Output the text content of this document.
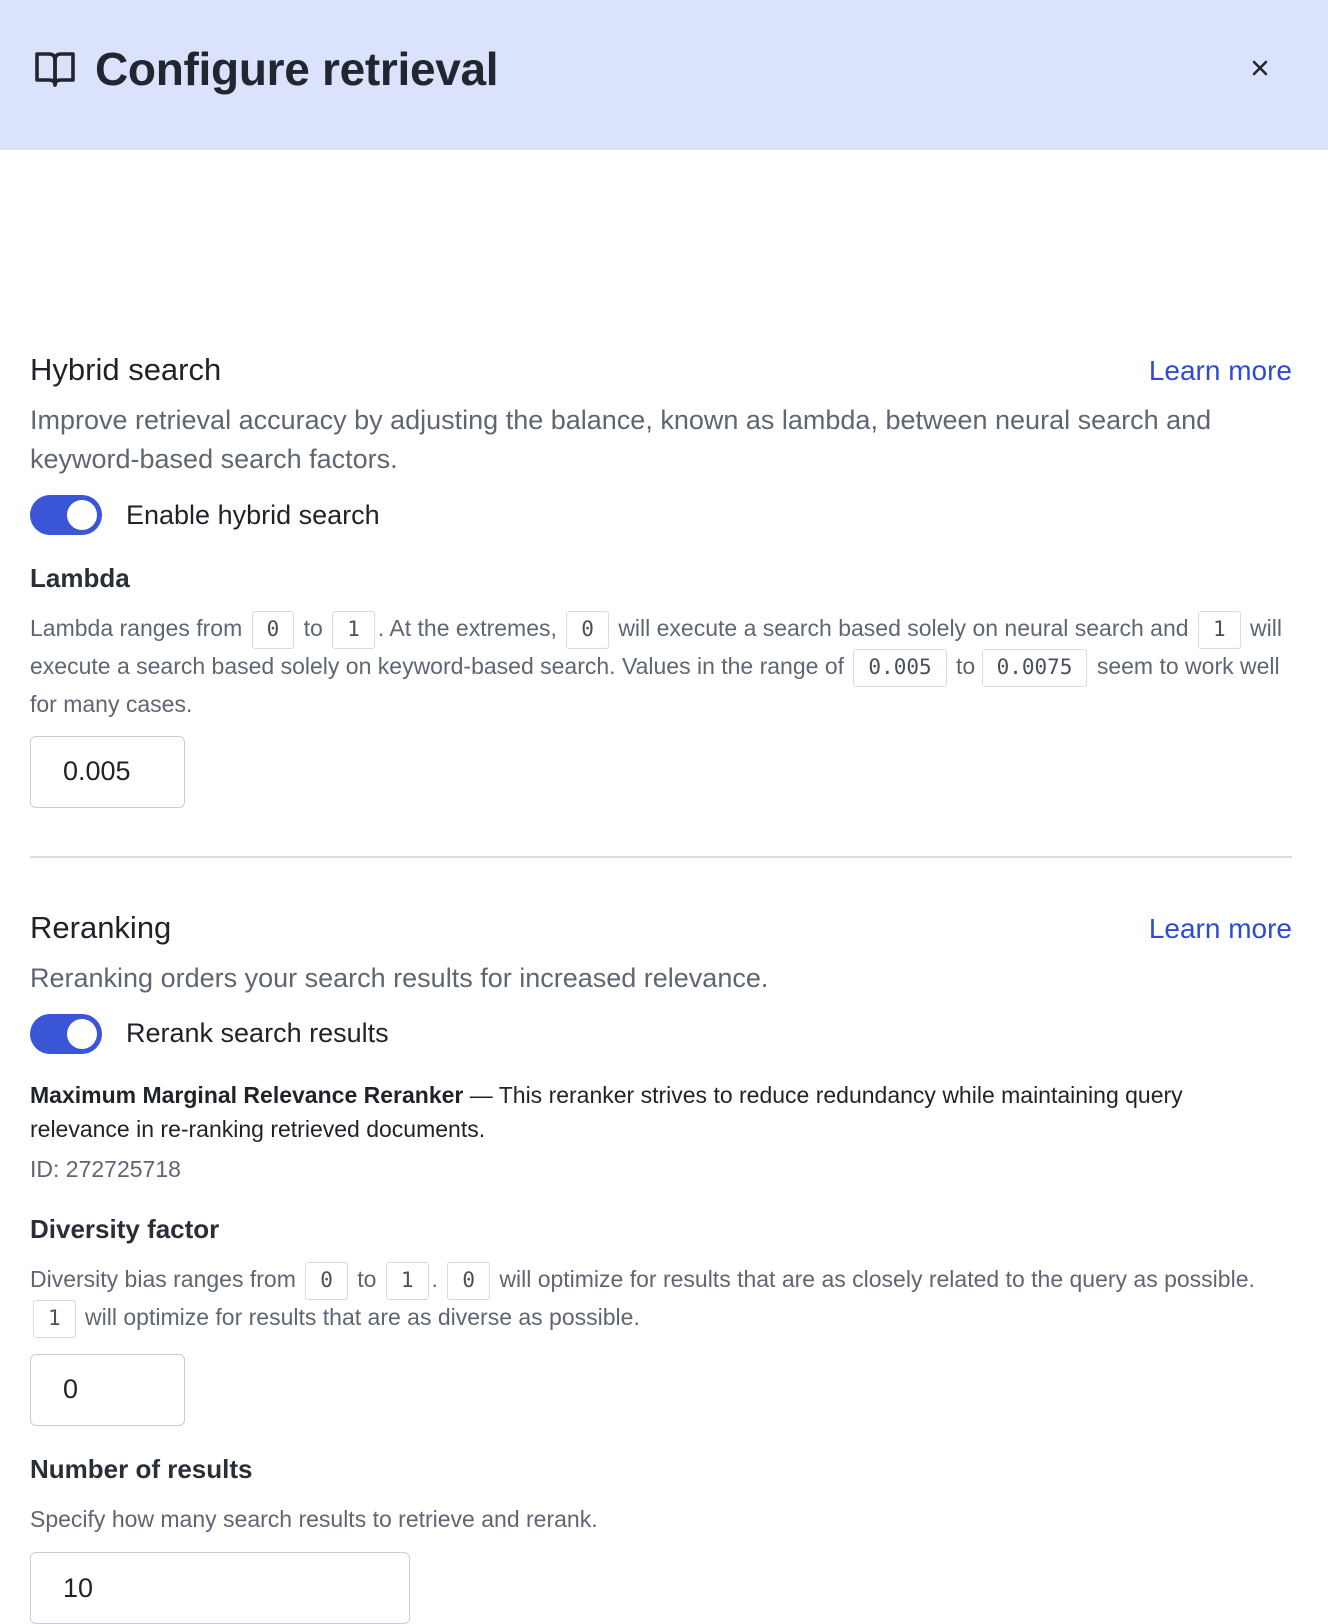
Configure retrieval
Hybrid search	Learn more
Improve retrieval accuracy by adjusting the balance, known as lambda, between neural search and keyword-based search factors.
Enable hybrid search
Lambda
Lambda ranges from 0 to 1 . At the extremes, 0 will execute a search based solely on neural search and 1 will execute a search based solely on keyword-based search. Values in the range of 0.005 to 0.0075 seem to work well for many cases.
0.005
Reranking	Learn more
Reranking orders your search results for increased relevance.
Rerank search results
Maximum Marginal Relevance Reranker — This reranker strives to reduce redundancy while maintaining query relevance in re-ranking retrieved documents.
ID: 272725718
Diversity factor
Diversity bias ranges from 0 to 1 . 0 will optimize for results that are as closely related to the query as possible. 1 will optimize for results that are as diverse as possible.
0
Number of results
Specify how many search results to retrieve and rerank.
10
